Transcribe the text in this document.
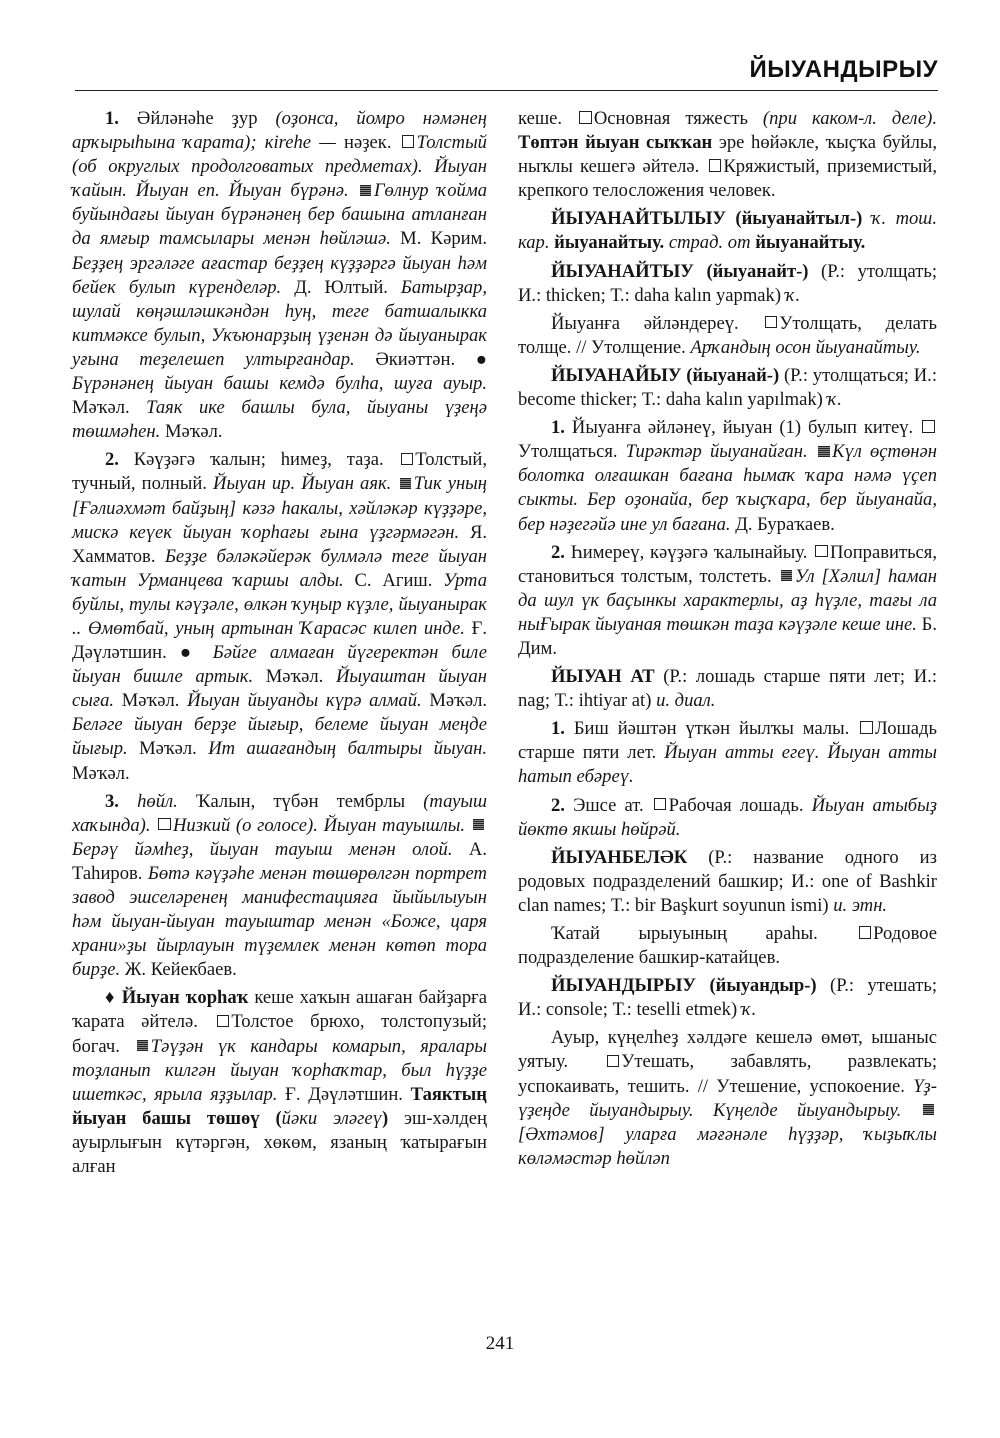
ЙЫУАНДЫРЫУ

1. Әйләнәһе ҙур (оҙонса, йомро нәмәнең арҡырыһына ҡарата); кireһе — нәҙек. Толстый (об округлых продолговатых предметах). Йыуан ҡайын. Йыуан еп. Йыуан бүрәнә. Гөлнур ҡойма буйындағы йыуан бүрәнәнең бер башына атланған да ямғыр тамсылары менән һөйләшә. М. Кәрим. Беҙҙең эргәләге ағастар беҙҙең күҙҙәргә йыуан һәм бейек булып күренделәр. Д. Юлтый. Батырҙар, шулай көңәшләшкәндән һуң, теге батшалыкка китмәксе булып, Укъюнарҙың үҙенән дә йыуанырак уғына теҙелешеп ултырғандар. Әкиәттән. ● Бүрәнәнең йыуан башы кемдә булһа, шуға ауыр. Мәҡәл. Таяк ике башлы була, йыуаны үҙеңә төшмәһен. Мәҡәл.

2. Кәүҙәгә ҡалын; һимеҙ, таҙа. Толстый, тучный, полный. Йыуан ир. Йыуан аяк. Тик уның [Ғәлиәхмәт байҙың] кәзә һакалы, хәйләкәр күҙҙәре, мискә кеүек йыуан ҡорһағы ғына үҙгәрмәгән. Я. Хамматов. Беҙҙе бәләкәйерәк булмәлә теге йыуан ҡатын Урманцева ҡаршы алды. С. Агиш. Урта буйлы, тулы кәүҙәле, өлкән ҡуңыр күҙле, йыуанырак .. Өмөтбай, уның артынан Ҡарасәс килеп инде. Ғ. Дәүләтшин. ● Бәйге алмаған йүгеректән биле йыуан бишле артык. Мәҡәл. Йыуаштан йыуан сыға. Мәҡәл. Йыуан йыуанды күрә алмай. Мәҡәл. Беләге йыуан берҙе йығыр, белеме йыуан меңде йығыр. Мәҡәл. Ит ашағандың балтыры йыуан. Мәҡәл.

3. һөйл. Ҡалын, түбән тембрлы (тауыш хаҡында). Низкий (о голосе). Йыуан тауышлы. Берәү йәмһеҙ, йыуан тауыш менән олой. А. Таһиров. Бөтә кәүҙәһе менән төшөрөлгән портрет завод эшселәренең манифестацияға йыйылыуын һәм йыуан-йыуан тауыштар менән «Боже, царя храни»ҙы йырлауын түҙемлек менән көтөп тора бирҙе. Ж. Кейекбаев.

♦ Йыуан ҡорһаҡ кеше хаҡын ашаған байҙарға ҡарата әйтелә. Толстое брюхо, толстопузый; богач. Тәүҙән үк кандары комарып, яралары тоҙланып килгән йыуан ҡорһаҡтар, был һүҙҙе ишеткәс, ярыла яҙҙылар. Ғ. Дәүләтшин. Таяктың йыуан башы төшөү (йәки эләгеү) эш-хәлдең ауырлығын күтәргән, хөкөм, язаның ҡатырағын алған

кеше. Основная тяжесть (при каком-л. деле). Төптән йыуан сыҡҡан эре һөйәкле, ҡыҫҡа буйлы, ныҡлы кешегә әйтелә. Кряжистый, приземистый, крепкого телосложения человек.

ЙЫУАНАЙТЫЛЫУ (йыуанайтыл-) ҡ. тош. кар. йыуанайтыу. страд. от йыуанайтыу.

ЙЫУАНАЙТЫУ (йыуанайт-) (Р.: утолщать; И.: thicken; Т.: daha kalın yapmak) ҡ.

Йыуанға әйләндереү. Утолщать, делать толще. // Утолщение. Арҡандың осон йыуанайтыу.

ЙЫУАНАЙЫУ (йыуанай-) (Р.: утолщаться; И.: become thicker; Т.: daha kalın yapılmak) ҡ.

1. Йыуанға әйләнеү, йыуан (1) булып китеү. Утолщаться. Тирәктәр йыуанайған. Күл өҫтөнән болотка олғашкан бағана һымаҡ ҡара нәмә үҫеп сыкты. Бер оҙонайа, бер ҡыҫҡара, бер йыуанайа, бер нәҙегәйә ине ул бағана. Д. Бураҡаев.

2. Һимереү, кәүҙәгә ҡалынайыу. Поправиться, становиться толстым, толстеть. Ул [Хәлил] һаман да шул үк баҫынкы характерлы, аҙ һүҙле, тағы ла ныҒырак йыуаная төшкән таҙа кәүҙәле кеше ине. Б. Дим.

ЙЫУАН АТ (Р.: лошадь старше пяти лет; И.: nag; Т.: ihtiyar at) и. диал.

1. Биш йәштән үткән йылҡы малы. Лошадь старше пяти лет. Йыуан атты егеү. Йыуан атты һатып ебәреү.

2. Эшсе ат. Рабочая лошадь. Йыуан атыбыҙ йөктө якшы һөйрәй.

ЙЫУАНБЕЛӘК (Р.: название одного из родовых подразделений башкир; И.: one of Bashkir clan names; Т.: bir Başkurt soyunun ismi) и. этн.

Ҡатай ырыуының араһы. Родовое подразделение башкир-катайцев.

ЙЫУАНДЫРЫУ (йыуандыр-) (Р.: утешать; И.: console; Т.: teselli etmek) ҡ.

Ауыр, күңелһеҙ хәлдәге кешелә өмөт, ышаныс уятыу. Утешать, забавлять, развлекать; успокаивать, тешить. // Утешение, успокоение. Үҙ-үҙеңде йыуандырыу. Күңелде йыуандырыу. [Әхтәмов] уларға мәғәнәле һүҙҙәр, ҡыҙыҡлы көләмәстәр һөйләп

241
